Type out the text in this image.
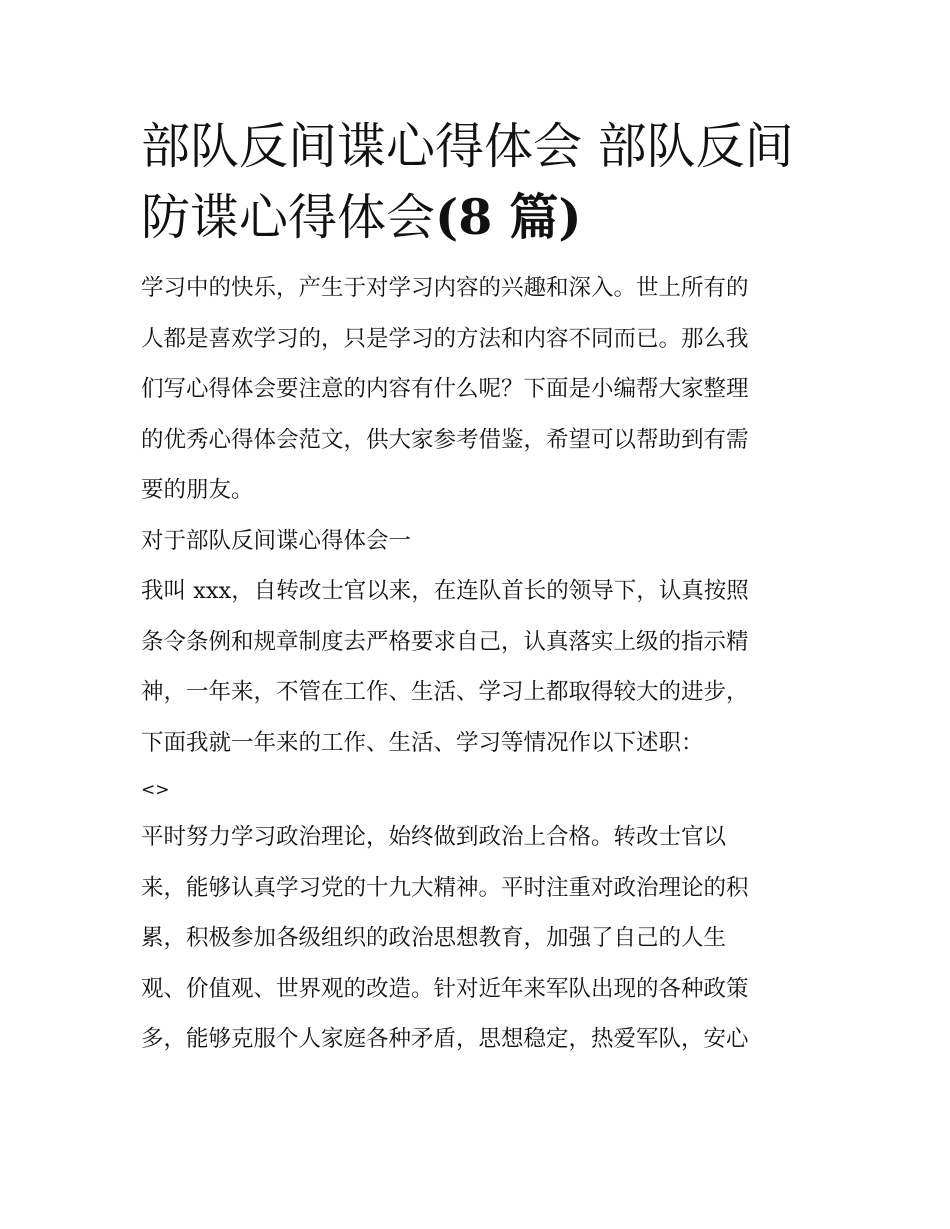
部队反间谍心得体会 部队反间
防谍心得体会(8 篇)

学习中的快乐，产生于对学习内容的兴趣和深入。世上所有的
人都是喜欢学习的，只是学习的方法和内容不同而已。那么我
们写心得体会要注意的内容有什么呢？下面是小编帮大家整理
的优秀心得体会范文，供大家参考借鉴，希望可以帮助到有需
要的朋友。

对于部队反间谍心得体会一

我叫 xxx，自转改士官以来，在连队首长的领导下，认真按照
条令条例和规章制度去严格要求自己，认真落实上级的指示精
神，一年来，不管在工作、生活、学习上都取得较大的进步，
下面我就一年来的工作、生活、学习等情况作以下述职：

<>

平时努力学习政治理论，始终做到政治上合格。转改士官以
来，能够认真学习党的十九大精神。平时注重对政治理论的积
累，积极参加各级组织的政治思想教育，加强了自己的人生
观、价值观、世界观的改造。针对近年来军队出现的各种政策
多，能够克服个人家庭各种矛盾，思想稳定，热爱军队，安心
